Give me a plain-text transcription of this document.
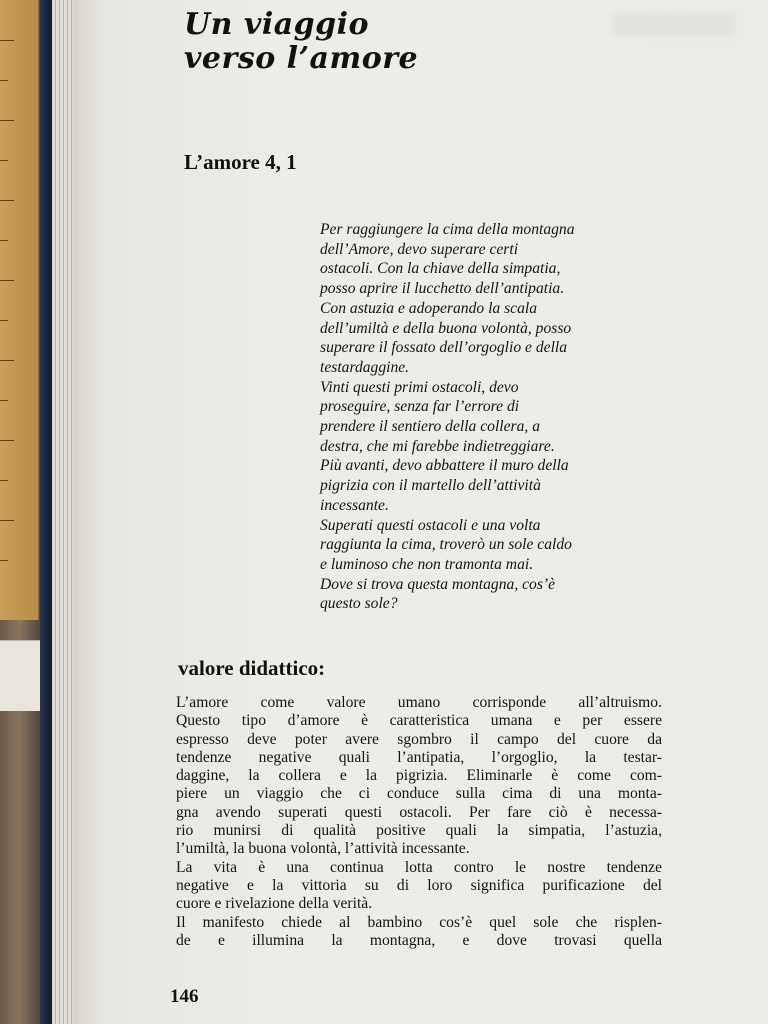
Un viaggio
verso l’amore
L’amore 4, 1
Per raggiungere la cima della montagna
dell’Amore, devo superare certi
ostacoli. Con la chiave della simpatia,
posso aprire il lucchetto dell’antipatia.
Con astuzia e adoperando la scala
dell’umiltà e della buona volontà, posso
superare il fossato dell’orgoglio e della
testardaggine.
Vinti questi primi ostacoli, devo
proseguire, senza far l’errore di
prendere il sentiero della collera, a
destra, che mi farebbe indietreggiare.
Più avanti, devo abbattere il muro della
pigrizia con il martello dell’attività
incessante.
Superati questi ostacoli e una volta
raggiunta la cima, troverò un sole caldo
e luminoso che non tramonta mai.
Dove si trova questa montagna, cos’è
questo sole?
valore didattico:
L’amore come valore umano corrisponde all’altruismo.
Questo tipo d’amore è caratteristica umana e per essere
espresso deve poter avere sgombro il campo del cuore da
tendenze negative quali l’antipatia, l’orgoglio, la testar-
daggine, la collera e la pigrizia. Eliminarle è come com-
piere un viaggio che ci conduce sulla cima di una monta-
gna avendo superati questi ostacoli. Per fare ciò è necessa-
rio munirsi di qualità positive quali la simpatia, l’astuzia,
l’umiltà, la buona volontà, l’attività incessante.
La vita è una continua lotta contro le nostre tendenze
negative e la vittoria su di loro significa purificazione del
cuore e rivelazione della verità.
Il manifesto chiede al bambino cos’è quel sole che risplen-
de e illumina la montagna, e dove trovasi quella

146
